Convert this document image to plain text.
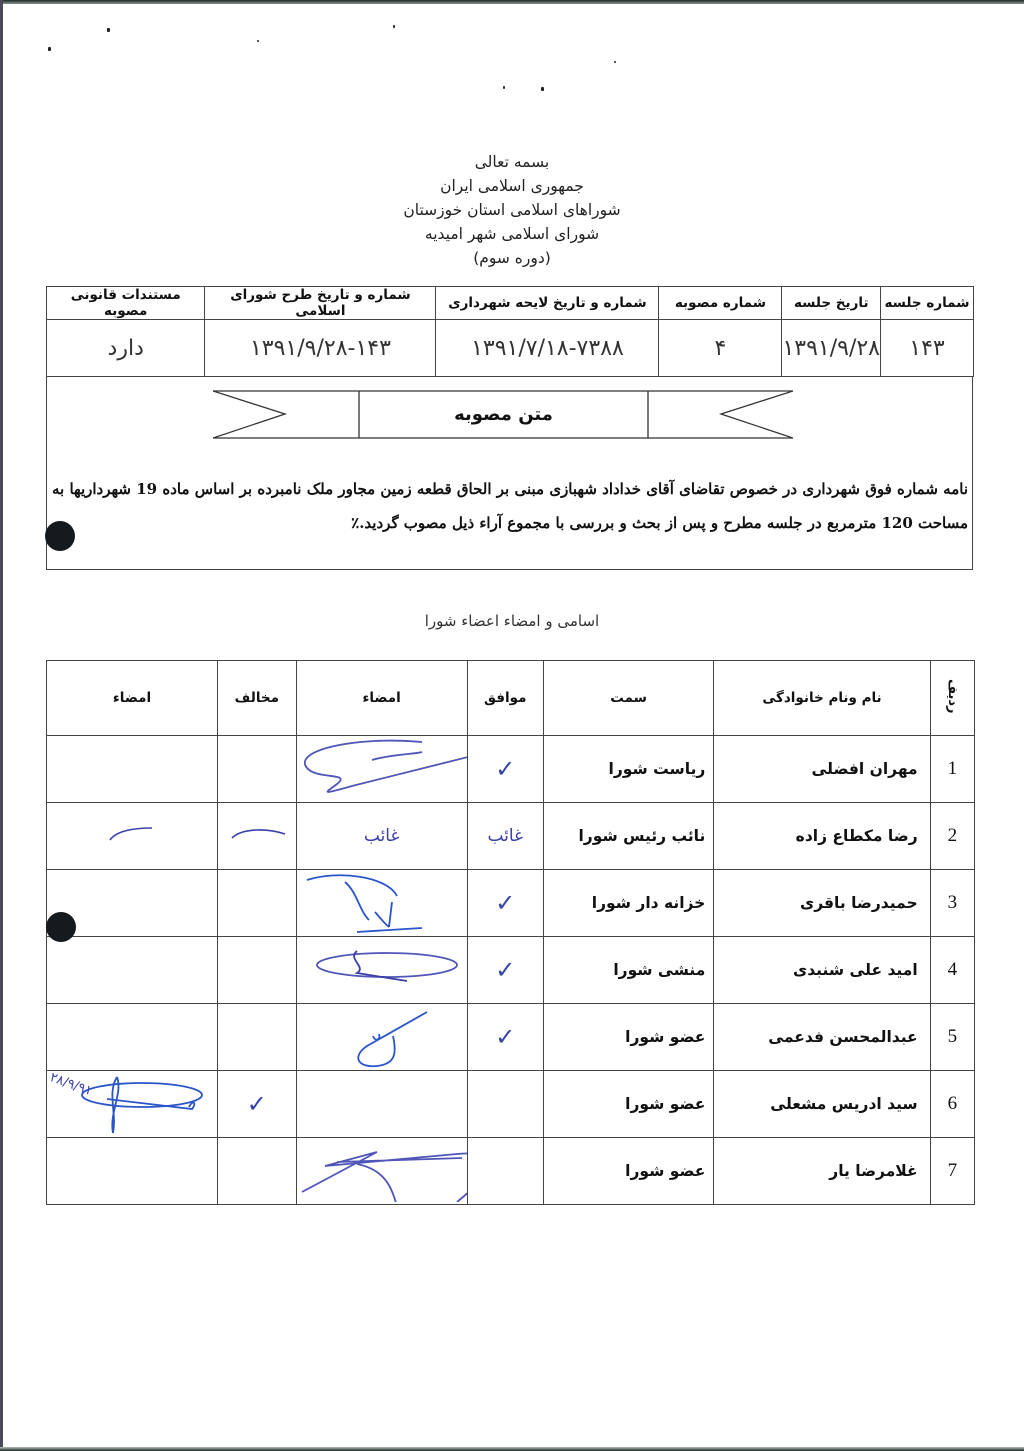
بسمه تعالی
جمهوری اسلامی ایران
شوراهای اسلامی استان خوزستان
شورای اسلامی شهر امیدیه
(دوره سوم)
شماره جلسه	تاریخ جلسه	شماره مصوبه	شماره و تاریخ لایحه شهرداری	شماره و تاریخ طرح شورای اسلامی	مستندات قانونی مصوبه
۱۴۳	۱۳۹۱/۹/۲۸	۴	۱۳۹۱/۷/۱۸-۷۳۸۸	۱۳۹۱/۹/۲۸-۱۴۳	دارد
متن مصوبه
نامه شماره فوق شهرداری در خصوص تقاضای آقای خداداد شهبازی مبنی بر الحاق قطعه زمین مجاور ملک نامبرده بر اساس ماده 19 شهرداریها به مساحت 120 مترمربع در جلسه مطرح و پس از بحث و بررسی با مجموع آراء ذیل مصوب گردید.٪
اسامی و امضاء اعضاء شورا
ردیف	نام ونام خانوادگی	سمت	موافق	امضاء	مخالف	امضاء
1	مهران افضلی	ریاست شورا	✓	

2	رضا مکطاع زاده	نائب رئیس شورا	غائب	غائب		
3	حمیدرضا باقری	خزانه دار شورا	✓	

4	امید علی شنبدی	منشی شورا	✓	

5	عبدالمحسن فدعمی	عضو شورا	✓	

6	سید ادریس مشعلی	عضو شورا			✓	۲۸/۹/۹۱

7	غلامرضا یار	عضو شورا		
